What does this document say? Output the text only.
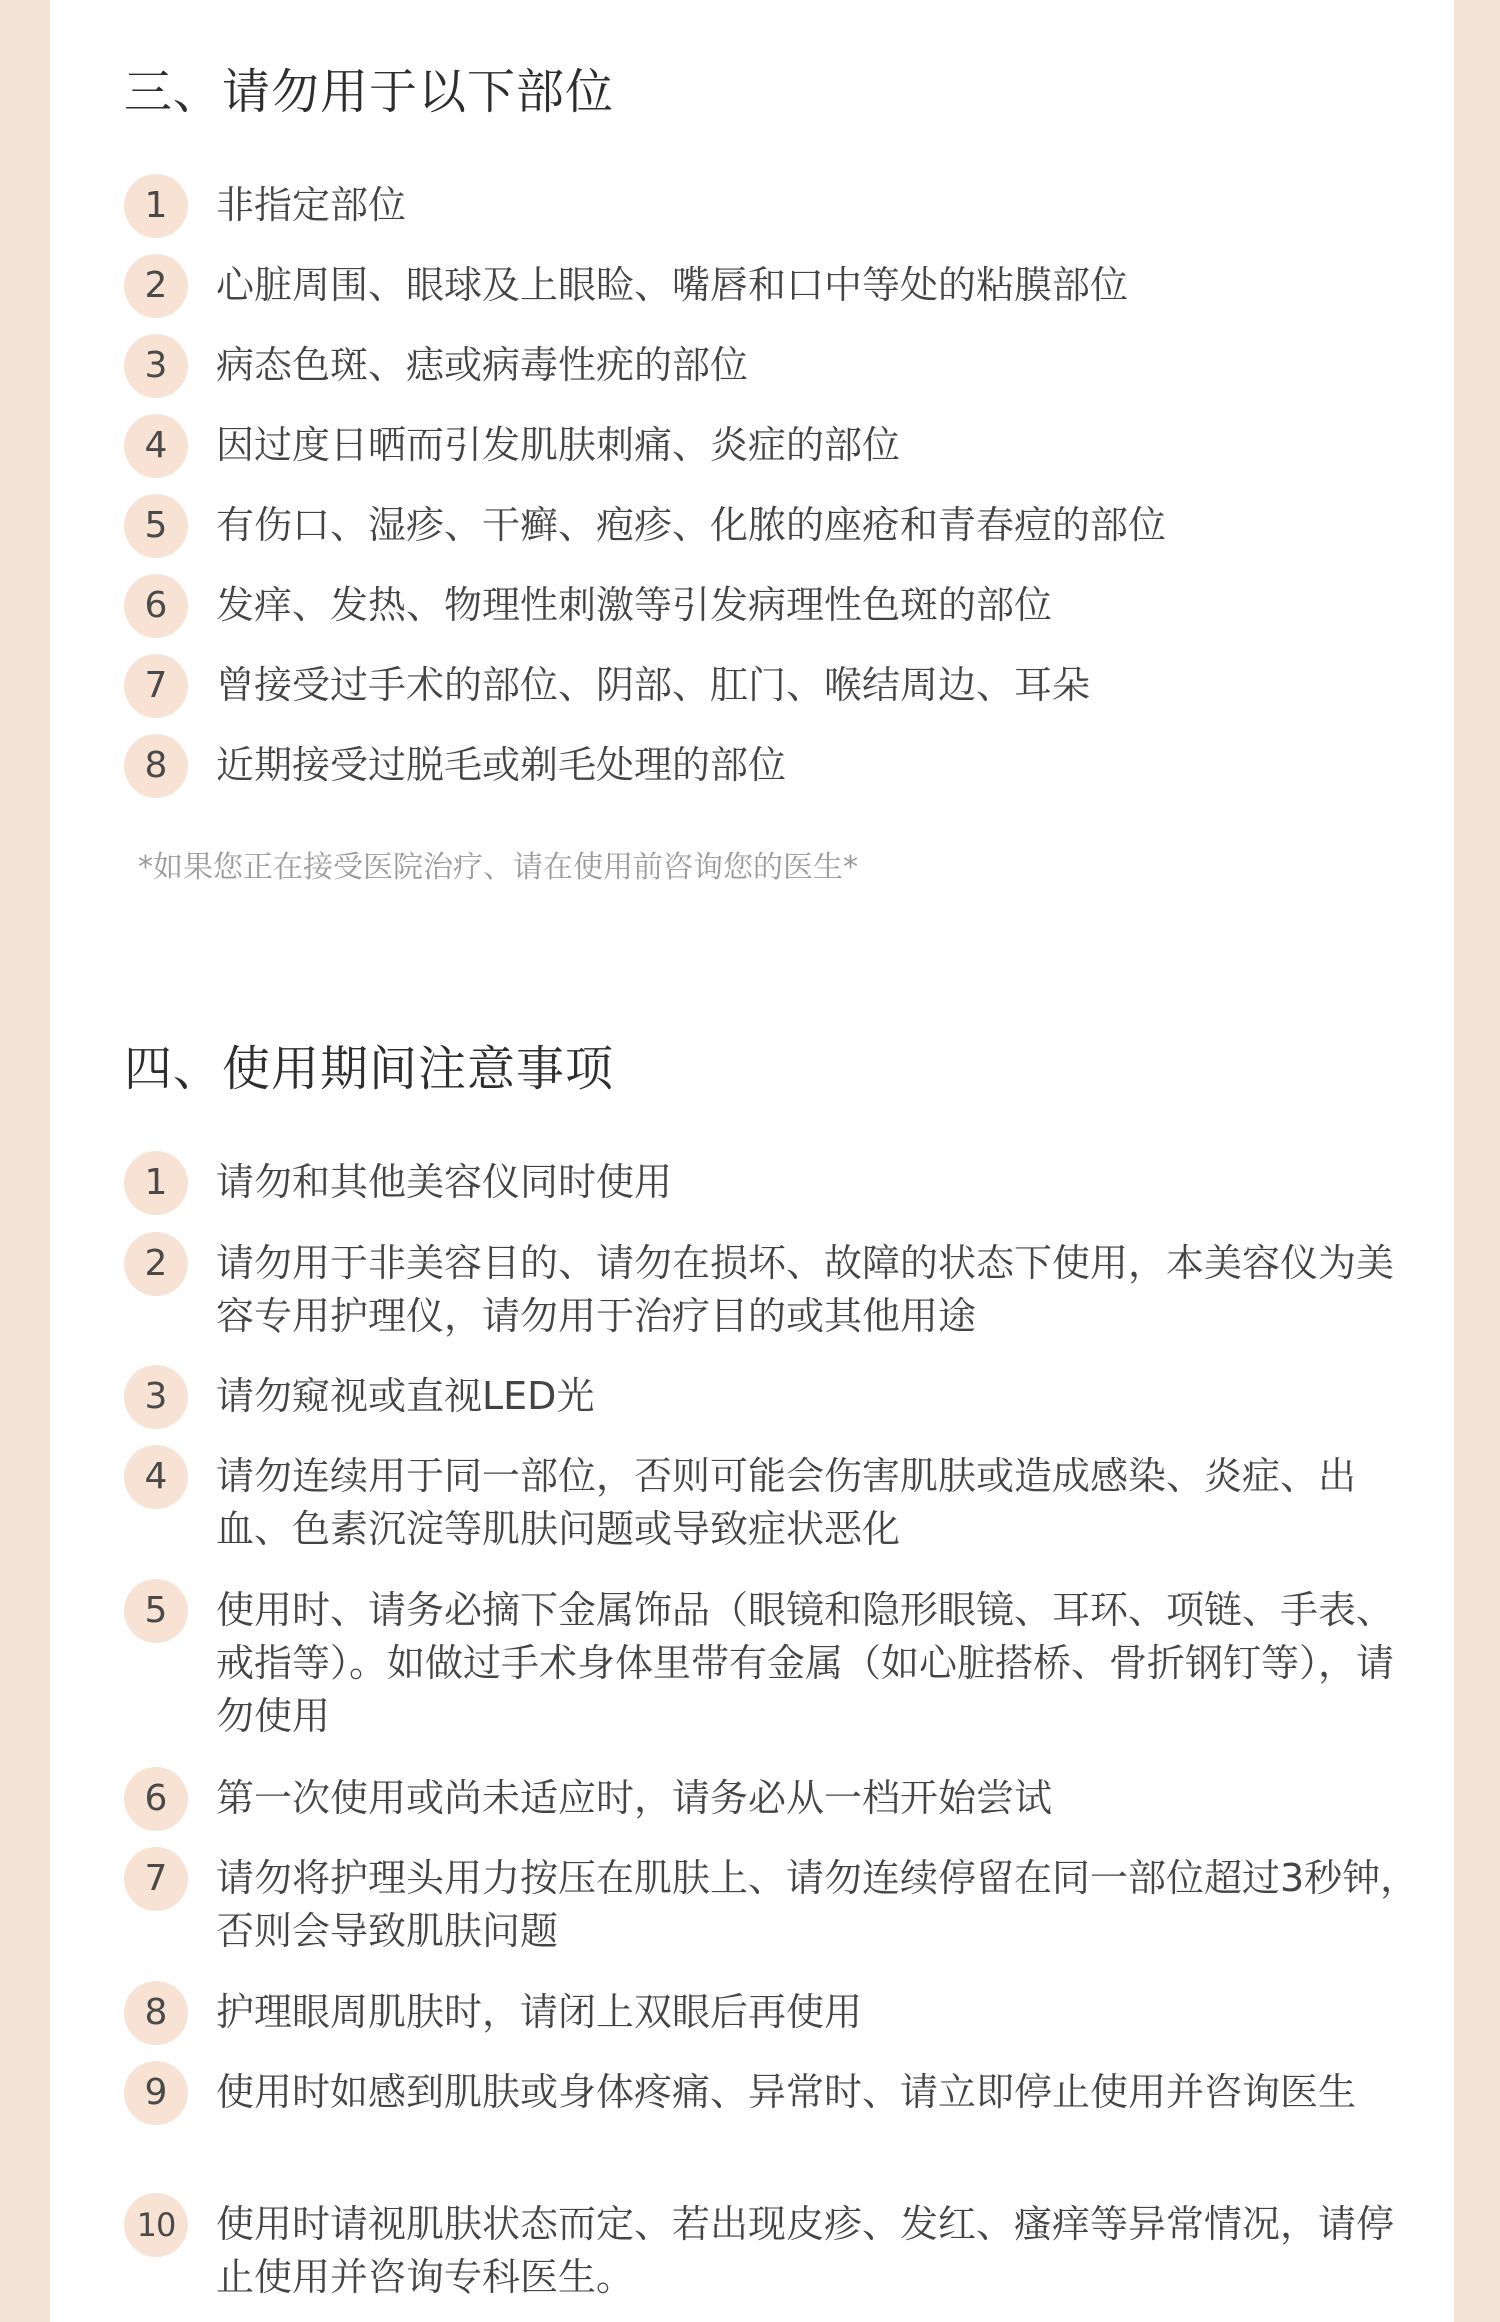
三、请勿用于以下部位
1	非指定部位
2	心脏周围、眼球及上眼睑、嘴唇和口中等处的粘膜部位
3	病态色斑、痣或病毒性疣的部位
4	因过度日晒而引发肌肤刺痛、炎症的部位
5	有伤口、湿疹、干癣、疱疹、化脓的座疮和青春痘的部位
6	发痒、发热、物理性刺激等引发病理性色斑的部位
7	曾接受过手术的部位、阴部、肛门、喉结周边、耳朵
8	近期接受过脱毛或剃毛处理的部位

*如果您正在接受医院治疗、请在使用前咨询您的医生*

四、使用期间注意事项
1	请勿和其他美容仪同时使用
2	请勿用于非美容目的、请勿在损坏、故障的状态下使用，本美容仪为美容专用护理仪，请勿用于治疗目的或其他用途
3	请勿窥视或直视LED光
4	请勿连续用于同一部位，否则可能会伤害肌肤或造成感染、炎症、出血、色素沉淀等肌肤问题或导致症状恶化
5	使用时、请务必摘下金属饰品（眼镜和隐形眼镜、耳环、项链、手表、戒指等）。如做过手术身体里带有金属（如心脏搭桥、骨折钢钉等），请勿使用
6	第一次使用或尚未适应时，请务必从一档开始尝试
7	请勿将护理头用力按压在肌肤上、请勿连续停留在同一部位超过3秒钟，否则会导致肌肤问题
8	护理眼周肌肤时，请闭上双眼后再使用
9	使用时如感到肌肤或身体疼痛、异常时、请立即停止使用并咨询医生
10	使用时请视肌肤状态而定、若出现皮疹、发红、瘙痒等异常情况，请停止使用并咨询专科医生。
